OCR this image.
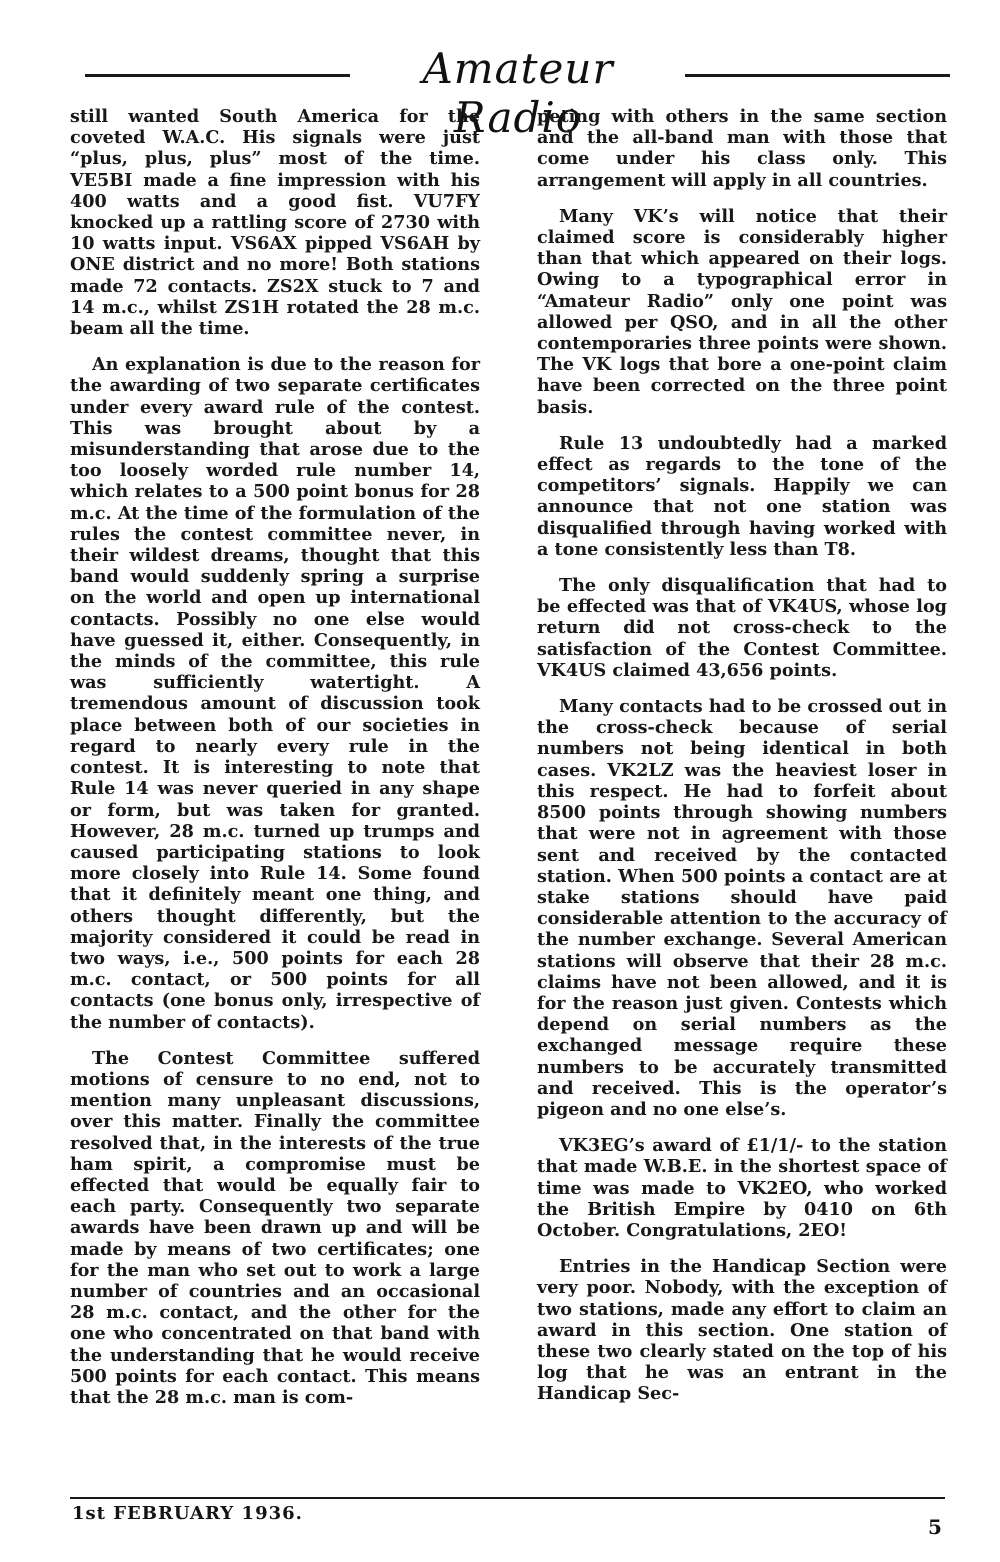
Amateur Radio

still wanted South America for the coveted W.A.C. His signals were just “plus, plus, plus” most of the time. VE5BI made a fine impression with his 400 watts and a good fist. VU7FY knocked up a rattling score of 2730 with 10 watts input. VS6AX pipped VS6AH by ONE district and no more! Both stations made 72 contacts. ZS2X stuck to 7 and 14 m.c., whilst ZS1H rotated the 28 m.c. beam all the time.

An explanation is due to the reason for the awarding of two separate certificates under every award rule of the contest. This was brought about by a misunderstanding that arose due to the too loosely worded rule number 14, which relates to a 500 point bonus for 28 m.c. At the time of the formulation of the rules the contest committee never, in their wildest dreams, thought that this band would suddenly spring a surprise on the world and open up international contacts. Possibly no one else would have guessed it, either. Consequently, in the minds of the committee, this rule was sufficiently watertight. A tremendous amount of discussion took place between both of our societies in regard to nearly every rule in the contest. It is interesting to note that Rule 14 was never queried in any shape or form, but was taken for granted. However, 28 m.c. turned up trumps and caused participating stations to look more closely into Rule 14. Some found that it definitely meant one thing, and others thought differently, but the majority considered it could be read in two ways, i.e., 500 points for each 28 m.c. contact, or 500 points for all contacts (one bonus only, irrespective of the number of contacts).

The Contest Committee suffered motions of censure to no end, not to mention many unpleasant discussions, over this matter. Finally the committee resolved that, in the interests of the true ham spirit, a compromise must be effected that would be equally fair to each party. Consequently two separate awards have been drawn up and will be made by means of two certificates; one for the man who set out to work a large number of countries and an occasional 28 m.c. contact, and the other for the one who concentrated on that band with the understanding that he would receive 500 points for each contact. This means that the 28 m.c. man is com-

peting with others in the same section and the all-band man with those that come under his class only. This arrangement will apply in all countries.

Many VK’s will notice that their claimed score is considerably higher than that which appeared on their logs. Owing to a typographical error in “Amateur Radio” only one point was allowed per QSO, and in all the other contemporaries three points were shown. The VK logs that bore a one-point claim have been corrected on the three point basis.

Rule 13 undoubtedly had a marked effect as regards to the tone of the competitors’ signals. Happily we can announce that not one station was disqualified through having worked with a tone consistently less than T8.

The only disqualification that had to be effected was that of VK4US, whose log return did not cross-check to the satisfaction of the Contest Committee. VK4US claimed 43,656 points.

Many contacts had to be crossed out in the cross-check because of serial numbers not being identical in both cases. VK2LZ was the heaviest loser in this respect. He had to forfeit about 8500 points through showing numbers that were not in agreement with those sent and received by the contacted station. When 500 points a contact are at stake stations should have paid considerable attention to the accuracy of the number exchange. Several American stations will observe that their 28 m.c. claims have not been allowed, and it is for the reason just given. Contests which depend on serial numbers as the exchanged message require these numbers to be accurately transmitted and received. This is the operator’s pigeon and no one else’s.

VK3EG’s award of £1/1/- to the station that made W.B.E. in the shortest space of time was made to VK2EO, who worked the British Empire by 0410 on 6th October. Congratulations, 2EO!

Entries in the Handicap Section were very poor. Nobody, with the exception of two stations, made any effort to claim an award in this section. One station of these two clearly stated on the top of his log that he was an entrant in the Handicap Sec-

1st FEBRUARY 1936.
5
